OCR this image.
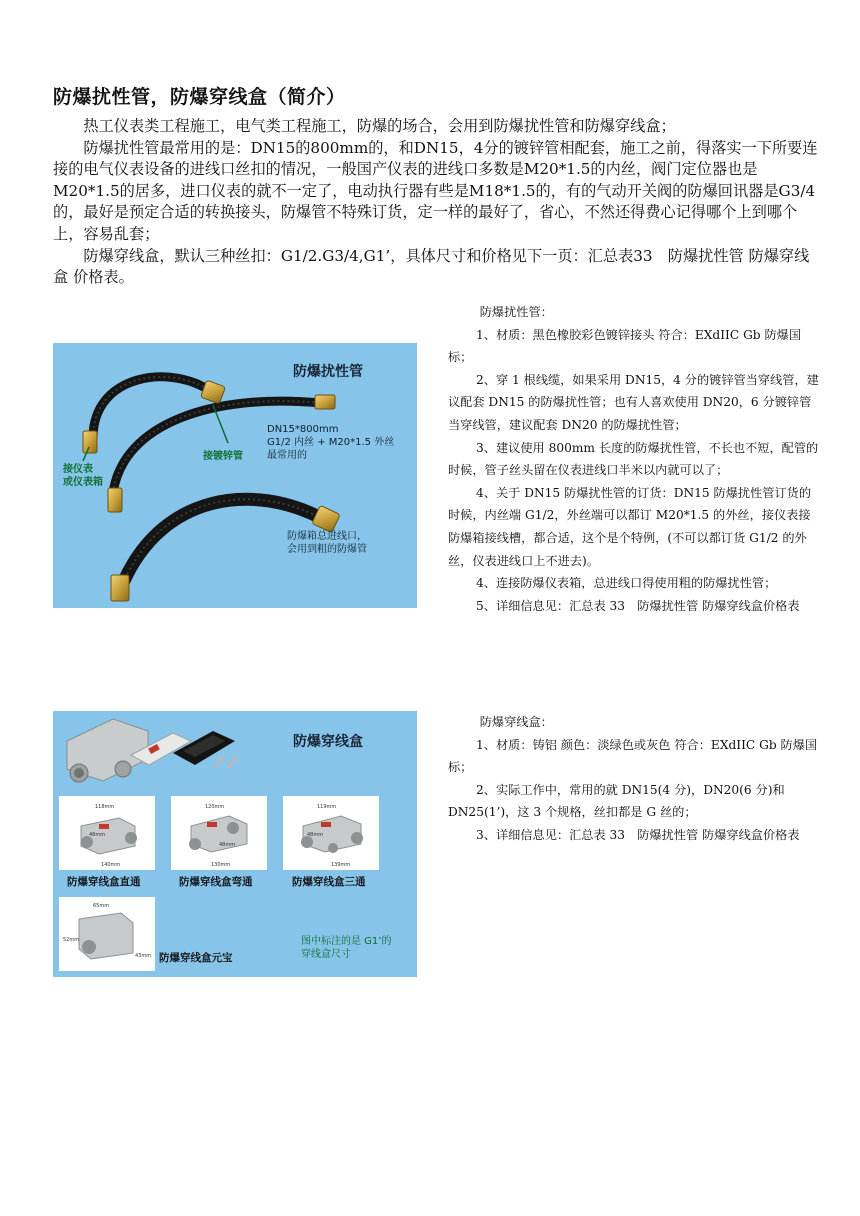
防爆扰性管，防爆穿线盒（简介）

热工仪表类工程施工，电气类工程施工，防爆的场合，会用到防爆扰性管和防爆穿线盒；

防爆扰性管最常用的是：DN15的800mm的，和DN15，4分的镀锌管相配套，施工之前，得落实一下所要连接的电气仪表设备的进线口丝扣的情况，一般国产仪表的进线口多数是M20*1.5的内丝，阀门定位器也是M20*1.5的居多，进口仪表的就不一定了，电动执行器有些是M18*1.5的，有的气动开关阀的防爆回讯器是G3/4的，最好是预定合适的转换接头，防爆管不特殊订货，定一样的最好了，省心，不然还得费心记得哪个上到哪个上，容易乱套；

防爆穿线盒，默认三种丝扣：G1/2.G3/4,G1’，具体尺寸和价格见下一页：汇总表33　防爆扰性管 防爆穿线盒 价格表。

防爆扰性管
DN15*800mm
G1/2 内丝 + M20*1.5 外丝
最常用的
接镀锌管
接仪表
或仪表箱
防爆箱总进线口，
会用到粗的防爆管

防爆扰性管：

1、材质：黑色橡胶彩色镀锌接头 符合：EXdIIC Gb 防爆国标；

2、穿 1 根线缆，如果采用 DN15，4 分的镀锌管当穿线管，建议配套 DN15 的防爆扰性管；也有人喜欢使用 DN20，6 分镀锌管当穿线管，建议配套 DN20 的防爆扰性管；

3、建议使用 800mm 长度的防爆扰性管，不长也不短，配管的时候，管子丝头留在仪表进线口半米以内就可以了；

4、关于 DN15 防爆扰性管的订货：DN15 防爆扰性管订货的时候，内丝端 G1/2，外丝端可以都订 M20*1.5 的外丝，接仪表接防爆箱接线槽，都合适，这个是个特例，(不可以都订货 G1/2 的外丝，仪表进线口上不进去)。

4、连接防爆仪表箱，总进线口得使用粗的防爆扰性管；

5、详细信息见：汇总表 33　防爆扰性管 防爆穿线盒价格表

防爆穿线盒
118mm
48mm
140mm
120mm
48mm
130mm
119mm
48mm
139mm
65mm
52mm
43mm
防爆穿线盒直通	防爆穿线盒弯通	防爆穿线盒三通
防爆穿线盒元宝
图中标注的是 G1’的
穿线盒尺寸

防爆穿线盒：

1、材质：铸铝 颜色：淡绿色或灰色 符合：EXdIIC Gb 防爆国标；

2、实际工作中，常用的就 DN15(4 分)，DN20(6 分)和 DN25(1’)，这 3 个规格，丝扣都是 G 丝的；

3、详细信息见：汇总表 33　防爆扰性管 防爆穿线盒价格表
